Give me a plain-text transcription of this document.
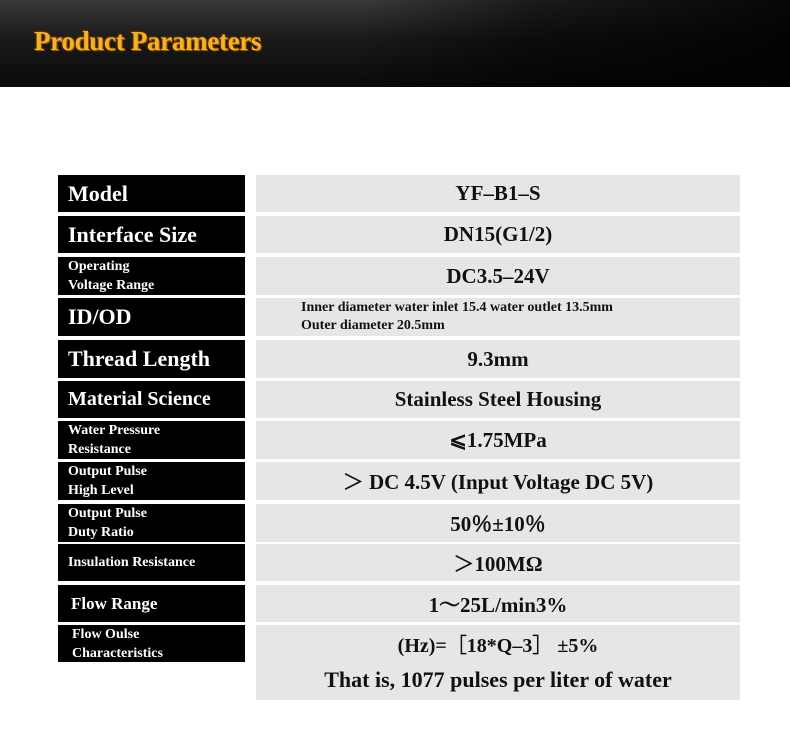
Product Parameters
Model	YF–B1–S
Interface Size	DN15(G1/2)
Operating
Voltage Range	DC3.5–24V
ID/OD	Inner diameter water inlet 15.4 water outlet 13.5mm
Outer diameter 20.5mm
Thread Length	9.3mm
Material Science	Stainless Steel Housing
Water Pressure
Resistance	⩽1.75MPa
Output Pulse
High Level	＞ DC 4.5V (Input Voltage DC 5V)
Output Pulse
Duty Ratio	50％±10％
Insulation Resistance	＞100MΩ
Flow Range	1～25L/min3%
Flow Oulse
Characteristics	(Hz)=［18*Q–3］ ±5%
That is, 1077 pulses per liter of water
